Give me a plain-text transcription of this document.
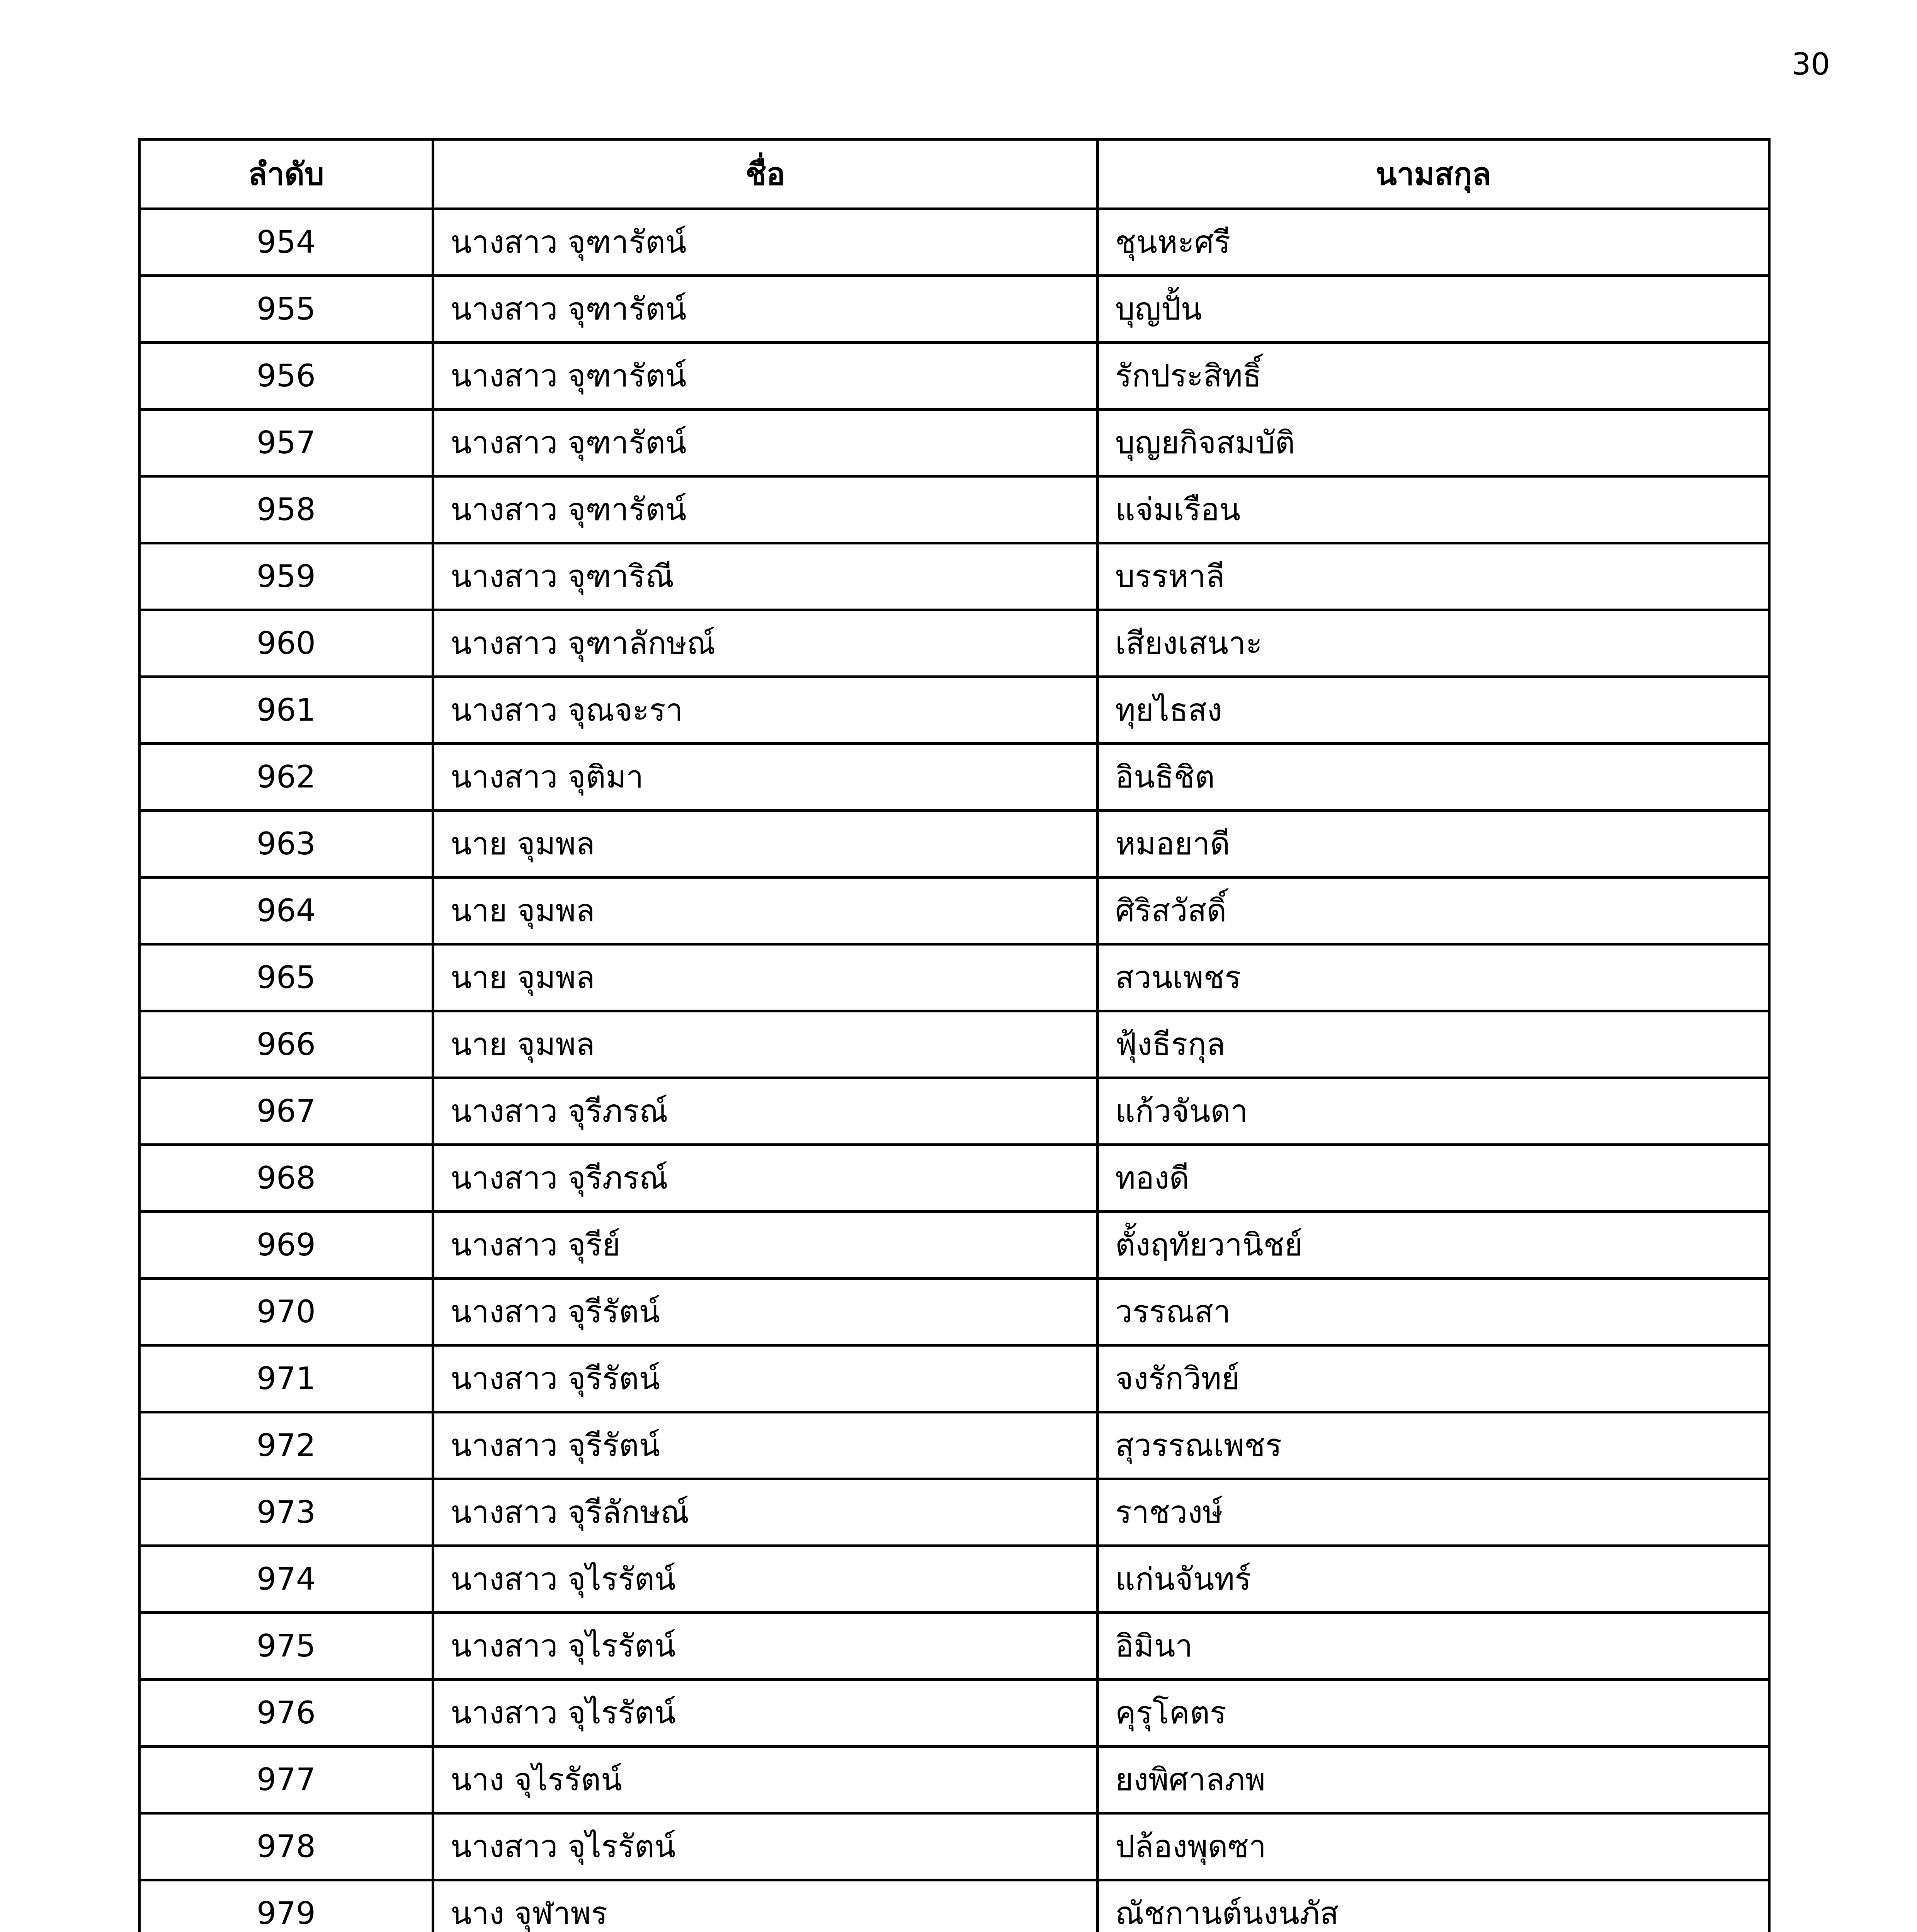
30
ลำดับ	ชื่อ	นามสกุล
954	นางสาว จุฑารัตน์	ชุนหะศรี
955	นางสาว จุฑารัตน์	บุญปั้น
956	นางสาว จุฑารัตน์	รักประสิทธิ์
957	นางสาว จุฑารัตน์	บุญยกิจสมบัติ
958	นางสาว จุฑารัตน์	แจ่มเรือน
959	นางสาว จุฑาริณี	บรรหาลี
960	นางสาว จุฑาลักษณ์	เสียงเสนาะ
961	นางสาว จุณจะรา	ทุยไธสง
962	นางสาว จุติมา	อินธิชิต
963	นาย จุมพล	หมอยาดี
964	นาย จุมพล	ศิริสวัสดิ์
965	นาย จุมพล	สวนเพชร
966	นาย จุมพล	ฟุ้งธีรกุล
967	นางสาว จุรีภรณ์	แก้วจันดา
968	นางสาว จุรีภรณ์	ทองดี
969	นางสาว จุรีย์	ตั้งฤทัยวานิชย์
970	นางสาว จุรีรัตน์	วรรณสา
971	นางสาว จุรีรัตน์	จงรักวิทย์
972	นางสาว จุรีรัตน์	สุวรรณเพชร
973	นางสาว จุรีลักษณ์	ราชวงษ์
974	นางสาว จุไรรัตน์	แก่นจันทร์
975	นางสาว จุไรรัตน์	อิมินา
976	นางสาว จุไรรัตน์	คุรุโคตร
977	นาง จุไรรัตน์	ยงพิศาลภพ
978	นางสาว จุไรรัตน์	ปล้องพุดซา
979	นาง จุฬาพร	ณัชกานต์นงนภัส
